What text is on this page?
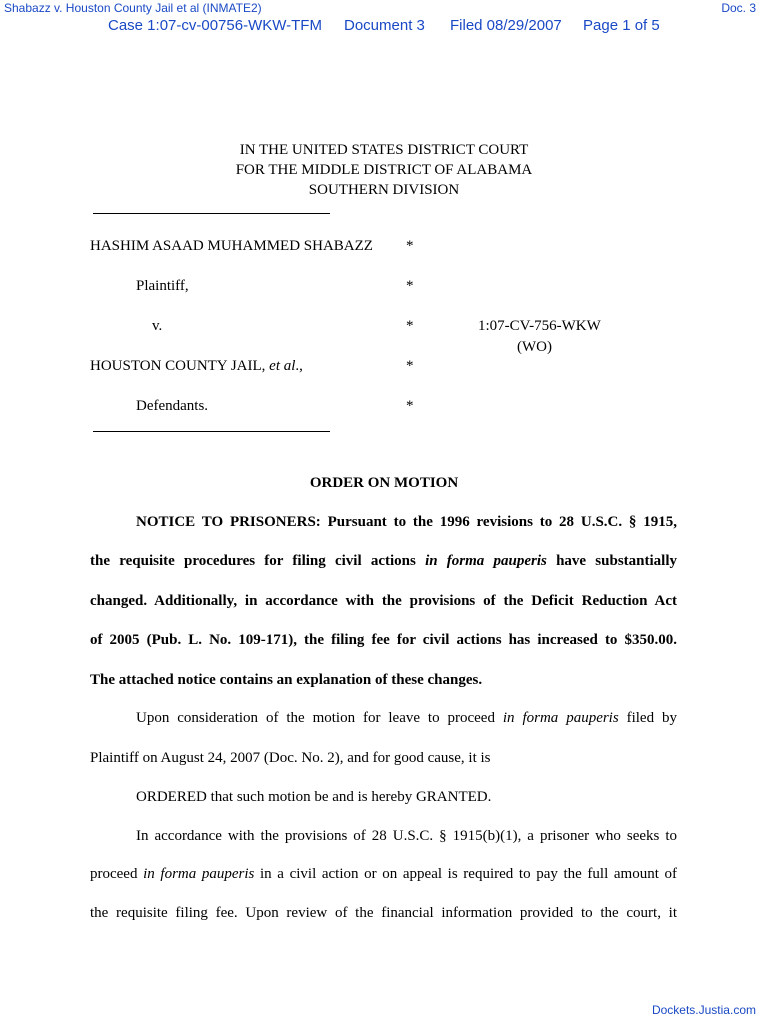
Shabazz v. Houston County Jail et al (INMATE2)	Doc. 3
Case 1:07-cv-00756-WKW-TFM Document 3 Filed 08/29/2007 Page 1 of 5
IN THE UNITED STATES DISTRICT COURT
FOR THE MIDDLE DISTRICT OF ALABAMA
SOUTHERN DIVISION
HASHIM ASAAD MUHAMMED SHABAZZ *
Plaintiff,	*
v.	*	1:07-CV-756-WKW
(WO)
HOUSTON COUNTY JAIL, et al.,	*
Defendants.	*
ORDER ON MOTION
NOTICE TO PRISONERS: Pursuant to the 1996 revisions to 28 U.S.C. § 1915,
the requisite procedures for filing civil actions in forma pauperis have substantially
changed. Additionally, in accordance with the provisions of the Deficit Reduction Act
of 2005 (Pub. L. No. 109-171), the filing fee for civil actions has increased to $350.00.
The attached notice contains an explanation of these changes.
Upon consideration of the motion for leave to proceed in forma pauperis filed by
Plaintiff on August 24, 2007 (Doc. No. 2), and for good cause, it is
ORDERED that such motion be and is hereby GRANTED.
In accordance with the provisions of 28 U.S.C. § 1915(b)(1), a prisoner who seeks to
proceed in forma pauperis in a civil action or on appeal is required to pay the full amount of
the requisite filing fee. Upon review of the financial information provided to the court, it
Dockets.Justia.com
